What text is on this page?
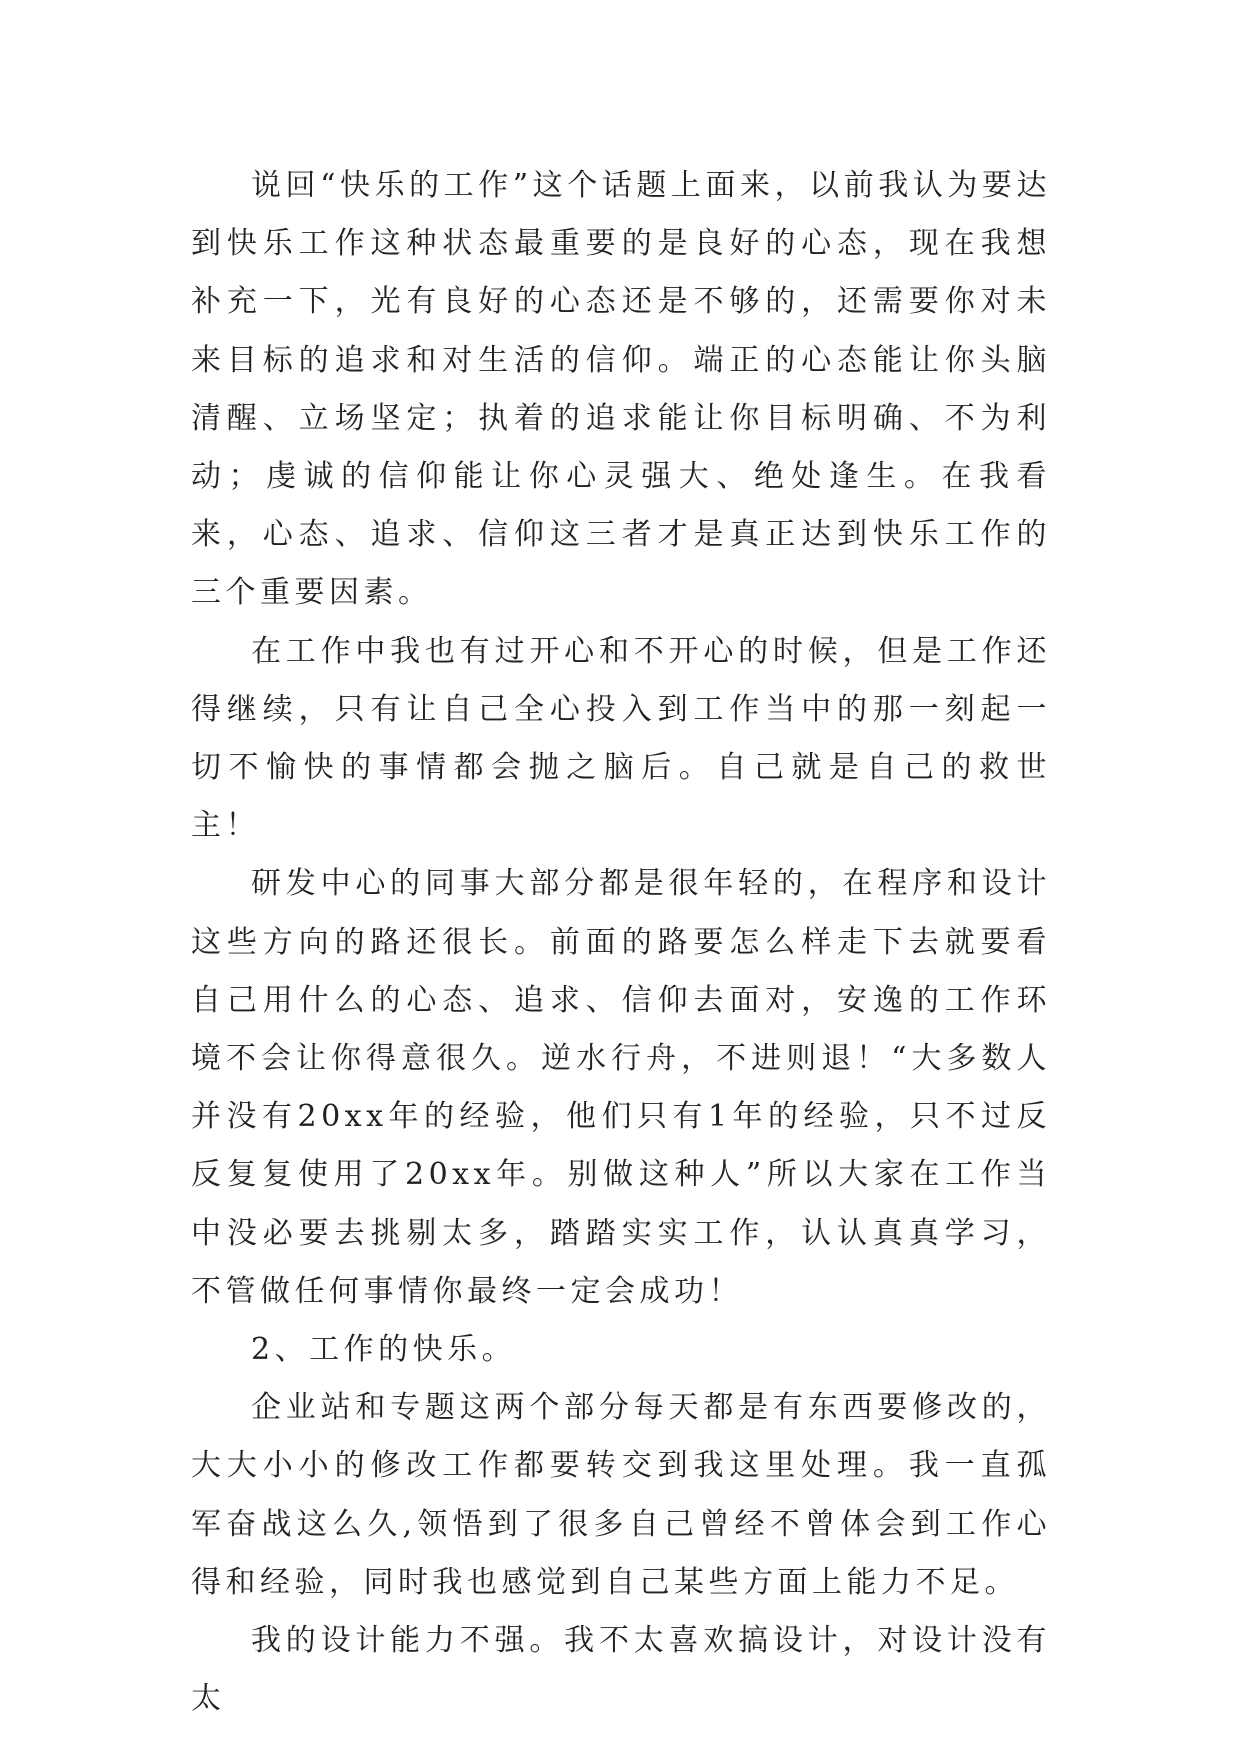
说回“快乐的工作”这个话题上面来，以前我认为要达到快乐工作这种状态最重要的是良好的心态，现在我想补充一下，光有良好的心态还是不够的，还需要你对未来目标的追求和对生活的信仰。端正的心态能让你头脑清醒、立场坚定；执着的追求能让你目标明确、不为利动；虔诚的信仰能让你心灵强大、绝处逢生。在我看来，心态、追求、信仰这三者才是真正达到快乐工作的三个重要因素。

在工作中我也有过开心和不开心的时候，但是工作还得继续，只有让自己全心投入到工作当中的那一刻起一切不愉快的事情都会抛之脑后。自己就是自己的救世主！

研发中心的同事大部分都是很年轻的，在程序和设计这些方向的路还很长。前面的路要怎么样走下去就要看自己用什么的心态、追求、信仰去面对，安逸的工作环境不会让你得意很久。逆水行舟，不进则退！“大多数人并没有20xx年的经验，他们只有1年的经验，只不过反反复复使用了20xx年。别做这种人”所以大家在工作当中没必要去挑剔太多，踏踏实实工作，认认真真学习，不管做任何事情你最终一定会成功！

2、工作的快乐。

企业站和专题这两个部分每天都是有东西要修改的，大大小小的修改工作都要转交到我这里处理。我一直孤军奋战这么久,领悟到了很多自己曾经不曾体会到工作心得和经验，同时我也感觉到自己某些方面上能力不足。

我的设计能力不强。我不太喜欢搞设计，对设计没有太
